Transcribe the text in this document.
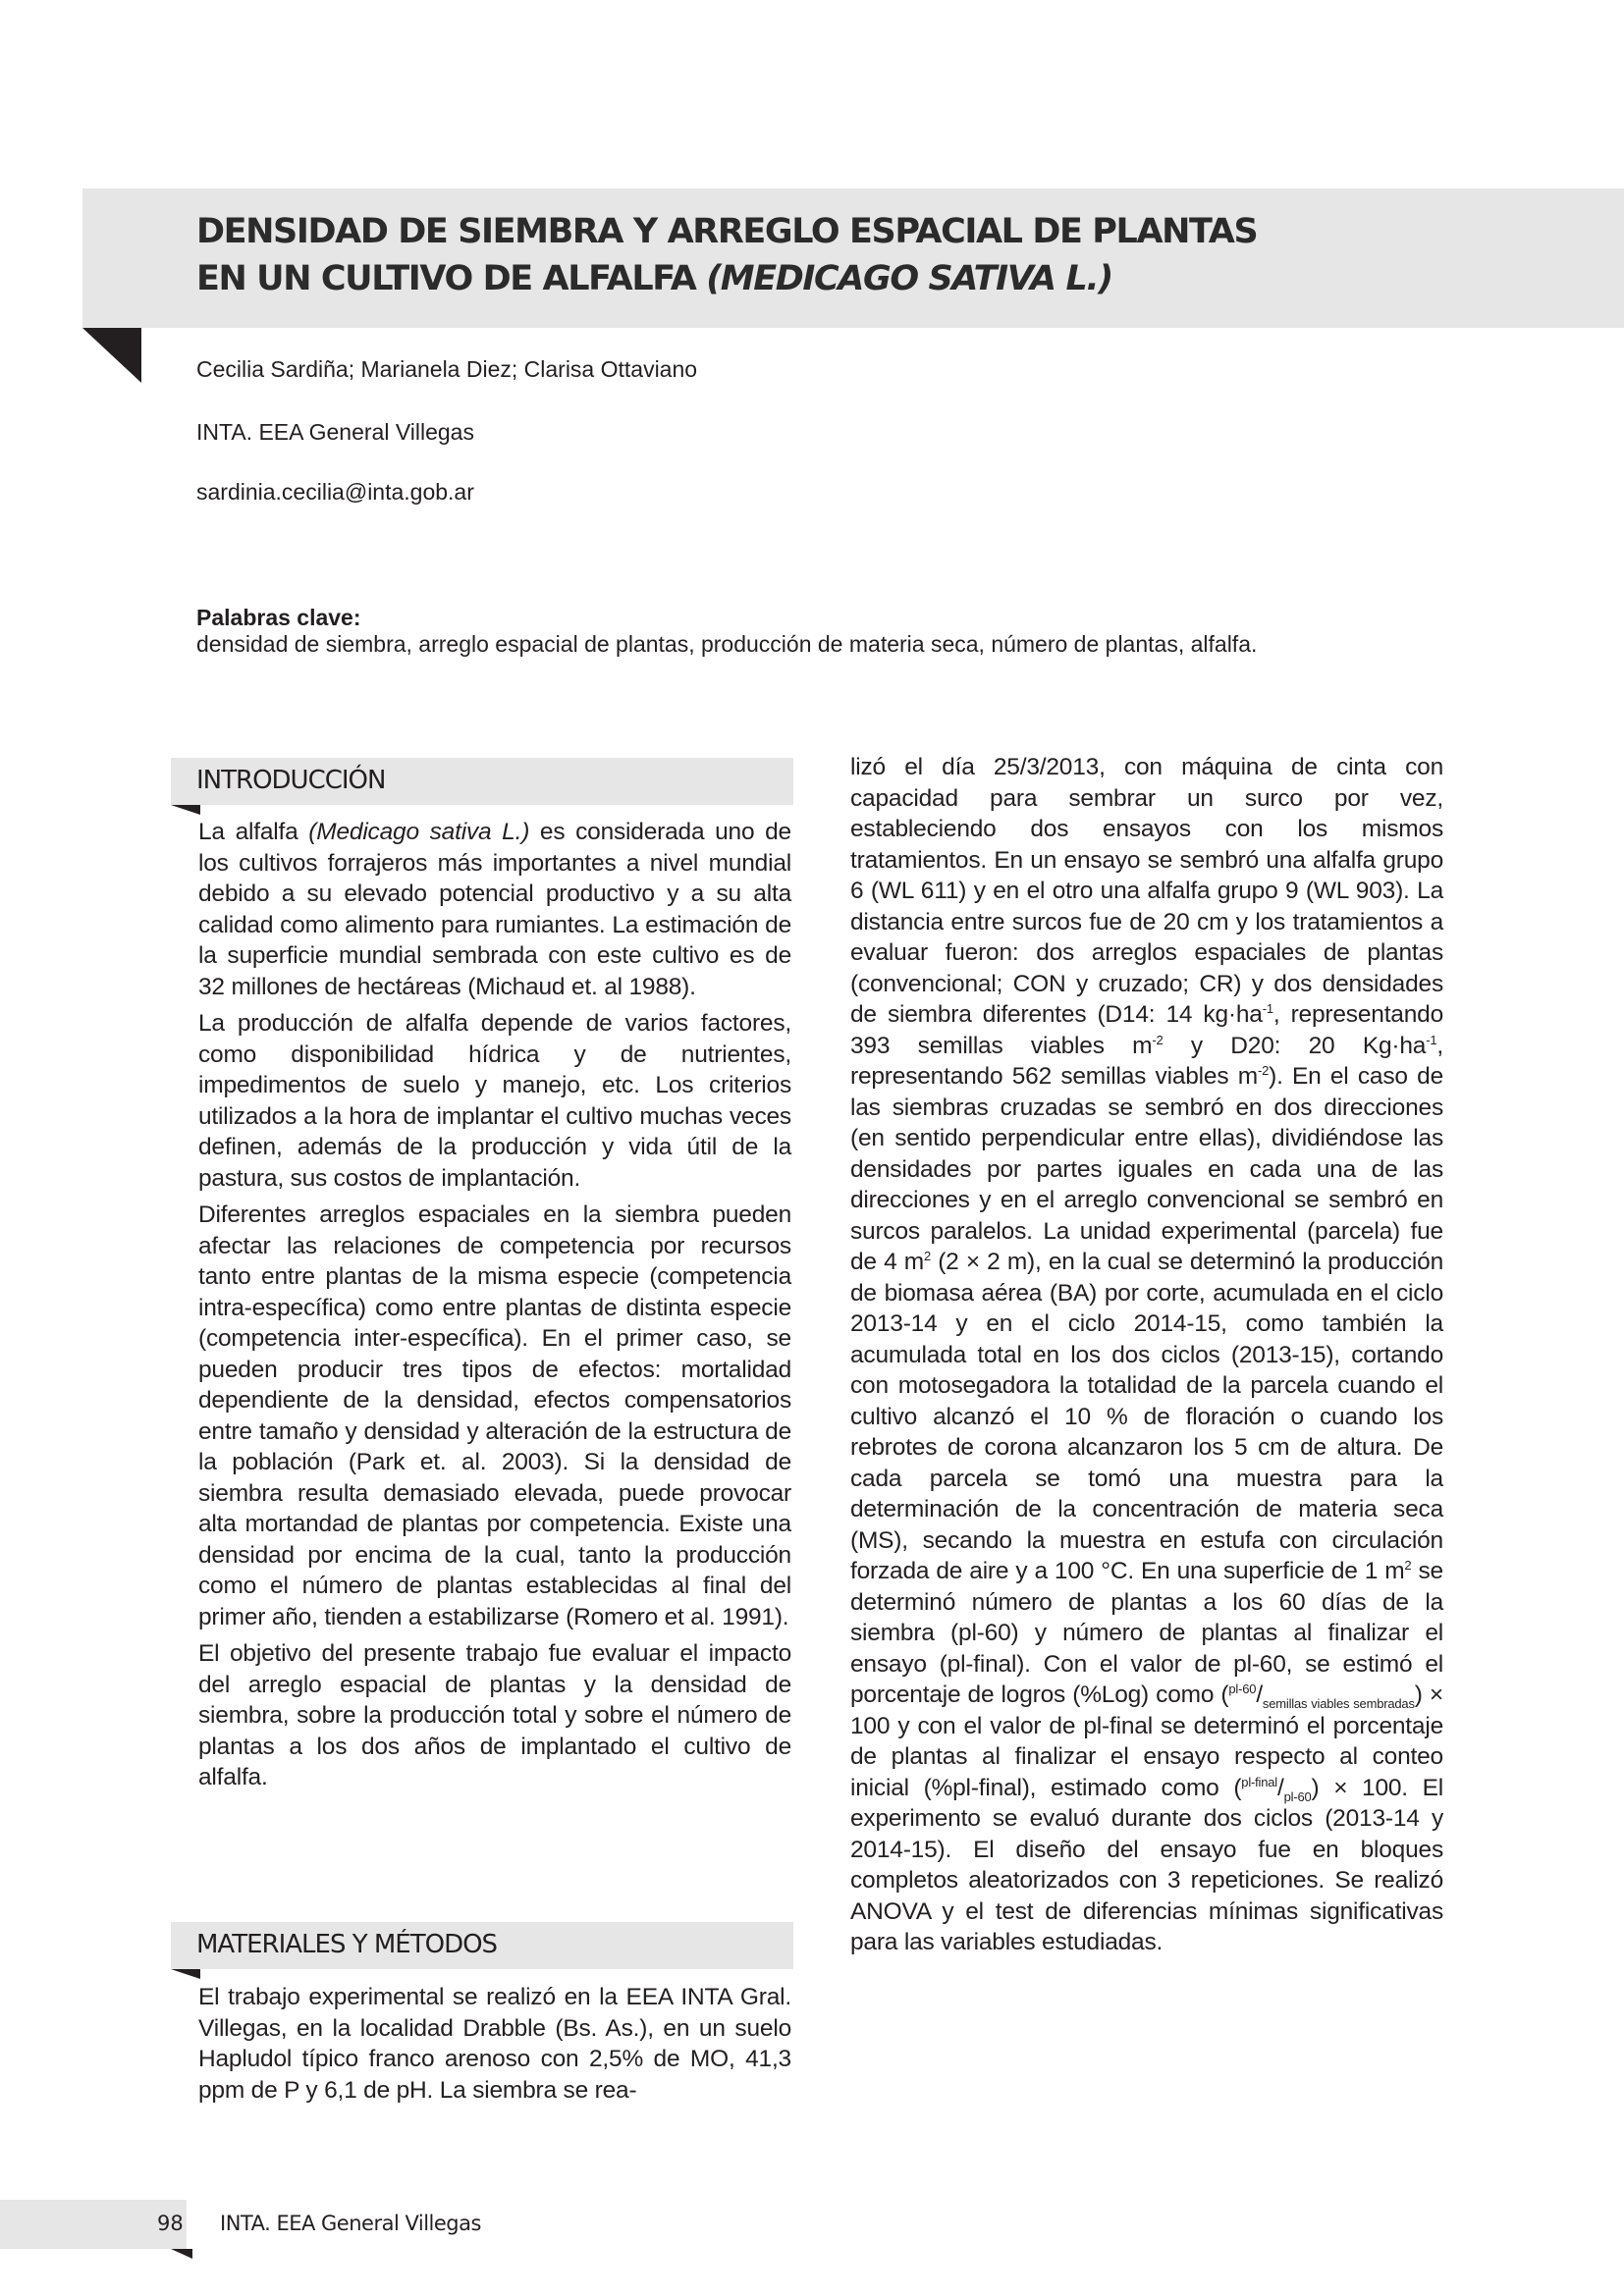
DENSIDAD DE SIEMBRA Y ARREGLO ESPACIAL DE PLANTAS
EN UN CULTIVO DE ALFALFA (MEDICAGO SATIVA L.)
Cecilia Sardiña; Marianela Diez; Clarisa Ottaviano
INTA. EEA General Villegas
sardinia.cecilia@inta.gob.ar
Palabras clave:
densidad de siembra, arreglo espacial de plantas, producción de materia seca, número de plantas, alfalfa.
INTRODUCCIÓN

La alfalfa (Medicago sativa L.) es considerada uno de los cultivos forrajeros más importantes a nivel mundial debido a su elevado potencial productivo y a su alta calidad como alimento para rumiantes. La estimación de la superficie mundial sembrada con este cultivo es de 32 millones de hectáreas (Michaud et. al 1988).

La producción de alfalfa depende de varios factores, como disponibilidad hídrica y de nutrientes, impedimentos de suelo y manejo, etc. Los criterios utilizados a la hora de implantar el cultivo muchas veces definen, además de la producción y vida útil de la pastura, sus costos de implantación.

Diferentes arreglos espaciales en la siembra pueden afectar las relaciones de competencia por recursos tanto entre plantas de la misma especie (competencia intra-específica) como entre plantas de distinta especie (competencia inter-específica). En el primer caso, se pueden producir tres tipos de efectos: mortalidad dependiente de la densidad, efectos compensatorios entre tamaño y densidad y alteración de la estructura de la población (Park et. al. 2003). Si la densidad de siembra resulta demasiado elevada, puede provocar alta mortandad de plantas por competencia. Existe una densidad por encima de la cual, tanto la producción como el número de plantas establecidas al final del primer año, tienden a estabilizarse (Romero et al. 1991).

El objetivo del presente trabajo fue evaluar el impacto del arreglo espacial de plantas y la densidad de siembra, sobre la producción total y sobre el número de plantas a los dos años de implantado el cultivo de alfalfa.

MATERIALES Y MÉTODOS

El trabajo experimental se realizó en la EEA INTA Gral. Villegas, en la localidad Drabble (Bs. As.), en un suelo Hapludol típico franco arenoso con 2,5% de MO, 41,3 ppm de P y 6,1 de pH. La siembra se rea-

lizó el día 25/3/2013, con máquina de cinta con capacidad para sembrar un surco por vez, estableciendo dos ensayos con los mismos tratamientos. En un ensayo se sembró una alfalfa grupo 6 (WL 611) y en el otro una alfalfa grupo 9 (WL 903). La distancia entre surcos fue de 20 cm y los tratamientos a evaluar fueron: dos arreglos espaciales de plantas (convencional; CON y cruzado; CR) y dos densidades de siembra diferentes (D14: 14 $kg\cdot ha^{-1}$, representando 393 semillas viables $m^{-2}$ y D20: 20 $Kg\cdot ha^{-1}$, representando 562 semillas viables $m^{-2}$). En el caso de las siembras cruzadas se sembró en dos direcciones (en sentido perpendicular entre ellas), dividiéndose las densidades por partes iguales en cada una de las direcciones y en el arreglo convencional se sembró en surcos paralelos. La unidad experimental (parcela) fue de 4 $m^2$ (2 × 2 m), en la cual se determinó la producción de biomasa aérea (BA) por corte, acumulada en el ciclo 2013-14 y en el ciclo 2014-15, como también la acumulada total en los dos ciclos (2013-15), cortando con motosegadora la totalidad de la parcela cuando el cultivo alcanzó el 10 % de floración o cuando los rebrotes de corona alcanzaron los 5 cm de altura. De cada parcela se tomó una muestra para la determinación de la concentración de materia seca (MS), secando la muestra en estufa con circulación forzada de aire y a 100 °C. En una superficie de 1 $m^2$ se determinó número de plantas a los 60 días de la siembra (pl-60) y número de plantas al finalizar el ensayo (pl-final). Con el valor de pl-60, se estimó el porcentaje de logros (%Log) como $(^{pl-60}/_{semillas viables sembradas}) \times 100$ y con el valor de pl-final se determinó el porcentaje de plantas al finalizar el ensayo respecto al conteo inicial (%pl-final), estimado como $(^{pl-final}/_{pl-60}) \times 100$. El experimento se evaluó durante dos ciclos (2013-14 y 2014-15). El diseño del ensayo fue en bloques completos aleatorizados con 3 repeticiones. Se realizó ANOVA y el test de diferencias mínimas significativas para las variables estudiadas.

98 INTA. EEA General Villegas
